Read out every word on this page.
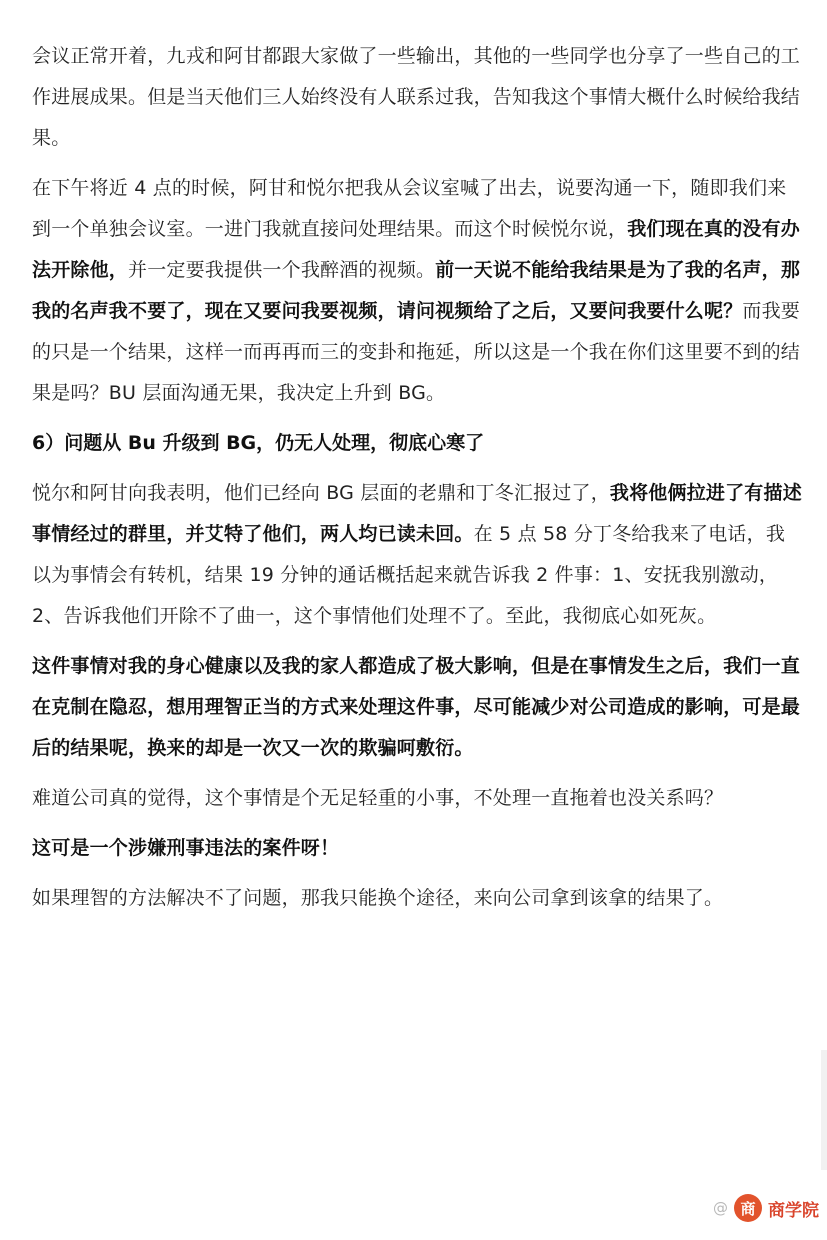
会议正常开着，九戎和阿甘都跟大家做了一些输出，其他的一些同学也分享了一些自己的工作进展成果。但是当天他们三人始终没有人联系过我，告知我这个事情大概什么时候给我结果。

在下午将近 4 点的时候，阿甘和悦尔把我从会议室喊了出去，说要沟通一下，随即我们来到一个单独会议室。一进门我就直接问处理结果。而这个时候悦尔说，我们现在真的没有办法开除他，并一定要我提供一个我醉酒的视频。前一天说不能给我结果是为了我的名声，那我的名声我不要了，现在又要问我要视频，请问视频给了之后，又要问我要什么呢？而我要的只是一个结果，这样一而再再而三的变卦和拖延，所以这是一个我在你们这里要不到的结果是吗？BU 层面沟通无果，我决定上升到 BG。

6）问题从 Bu 升级到 BG，仍无人处理，彻底心寒了

悦尔和阿甘向我表明，他们已经向 BG 层面的老鼎和丁冬汇报过了，我将他俩拉进了有描述事情经过的群里，并艾特了他们，两人均已读未回。在 5 点 58 分丁冬给我来了电话，我以为事情会有转机，结果 19 分钟的通话概括起来就告诉我 2 件事：1、安抚我别激动，2、告诉我他们开除不了曲一，这个事情他们处理不了。至此，我彻底心如死灰。

这件事情对我的身心健康以及我的家人都造成了极大影响，但是在事情发生之后，我们一直在克制在隐忍，想用理智正当的方式来处理这件事，尽可能减少对公司造成的影响，可是最后的结果呢，换来的却是一次又一次的欺骗呵敷衍。

难道公司真的觉得，这个事情是个无足轻重的小事，不处理一直拖着也没关系吗？

这可是一个涉嫌刑事违法的案件呀！

如果理智的方法解决不了问题，那我只能换个途径，来向公司拿到该拿的结果了。

@ 商 商学院
